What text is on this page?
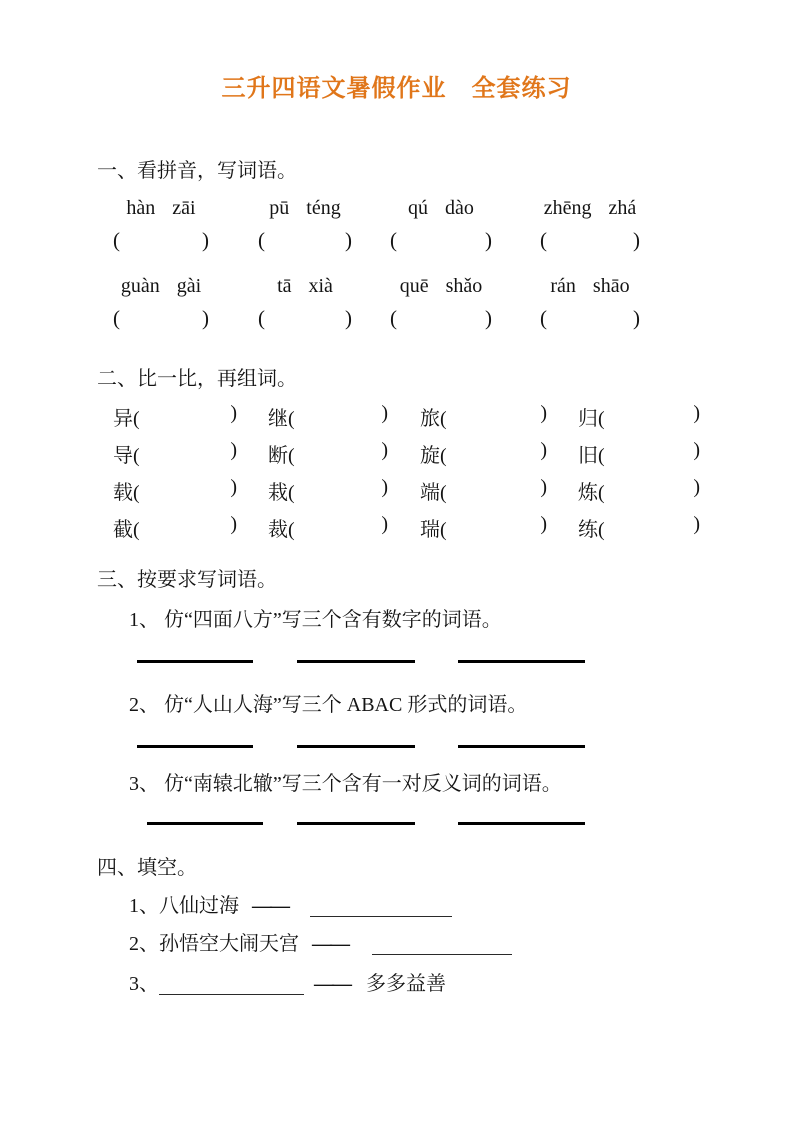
三升四语文暑假作业　全套练习
一、看拼音，写词语。
hàn zāi	pū téng	qú dào	zhēng zhá
(	) (	) (	) (	)
guàn gài	tā xià	quē shǎo	rán shāo
(	) (	) (	) (	)
二、比一比，再组词。
异(	) 继(	) 旅(	) 归(	)
导(	) 断(	) 旋(	) 旧(	)
载(	) 栽(	) 端(	) 炼(	)
截(	) 裁(	) 瑞(	) 练(	)
三、按要求写词语。
1、 仿“四面八方”写三个含有数字的词语。
2、 仿“人山人海”写三个 ABAC 形式的词语。
3、 仿“南辕北辙”写三个含有一对反义词的词语。
四、填空。
1、八仙过海 ——
2、孙悟空大闹天宫 ——
3、	—— 多多益善
